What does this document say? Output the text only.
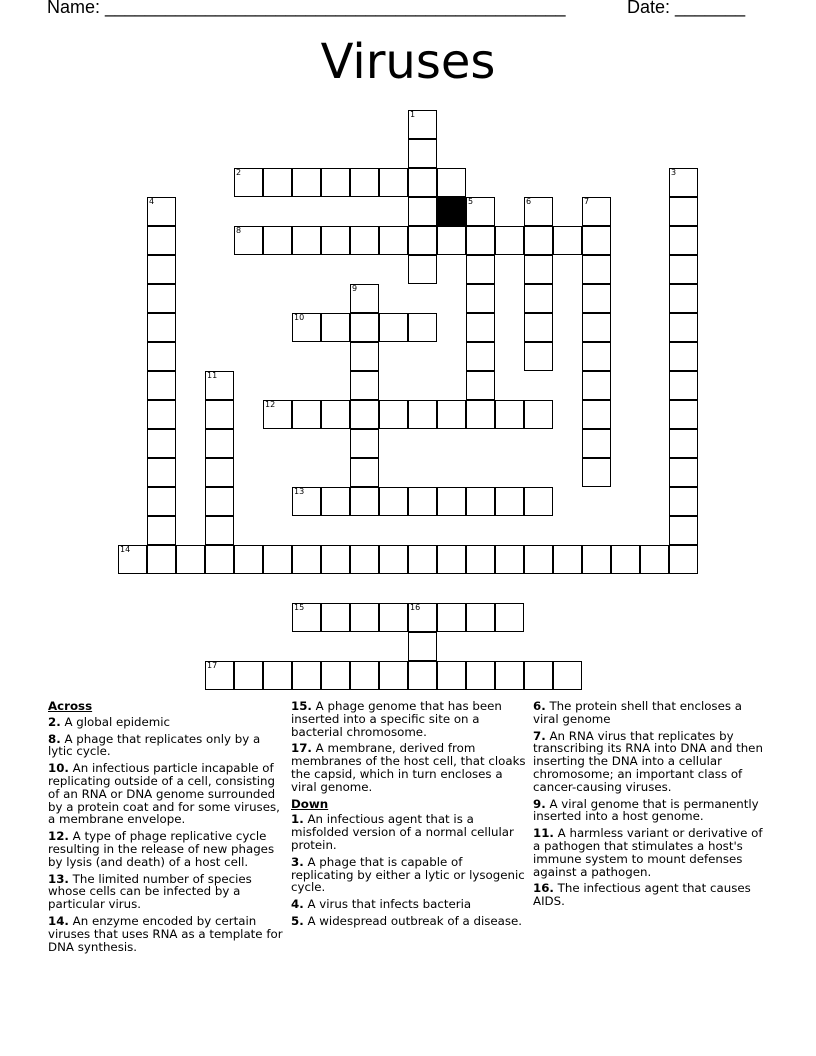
Name: ______________________________________________	Date: _______
Viruses
1
2	3
4	5	6	7
8
9
10
11
12
13
14
15	16
17
Across
2. A global epidemic
8. A phage that replicates only by a lytic cycle.
10. An infectious particle incapable of replicating outside of a cell, consisting of an RNA or DNA genome surrounded by a protein coat and for some viruses, a membrane envelope.
12. A type of phage replicative cycle resulting in the release of new phages by lysis (and death) of a host cell.
13. The limited number of species whose cells can be infected by a particular virus.
14. An enzyme encoded by certain viruses that uses RNA as a template for DNA synthesis.
15. A phage genome that has been inserted into a specific site on a bacterial chromosome.
17. A membrane, derived from membranes of the host cell, that cloaks the capsid, which in turn encloses a viral genome.
Down
1. An infectious agent that is a misfolded version of a normal cellular protein.
3. A phage that is capable of replicating by either a lytic or lysogenic cycle.
4. A virus that infects bacteria
5. A widespread outbreak of a disease.
6. The protein shell that encloses a viral genome
7. An RNA virus that replicates by transcribing its RNA into DNA and then inserting the DNA into a cellular chromosome; an important class of cancer-causing viruses.
9. A viral genome that is permanently inserted into a host genome.
11. A harmless variant or derivative of a pathogen that stimulates a host's immune system to mount defenses against a pathogen.
16. The infectious agent that causes AIDS.
